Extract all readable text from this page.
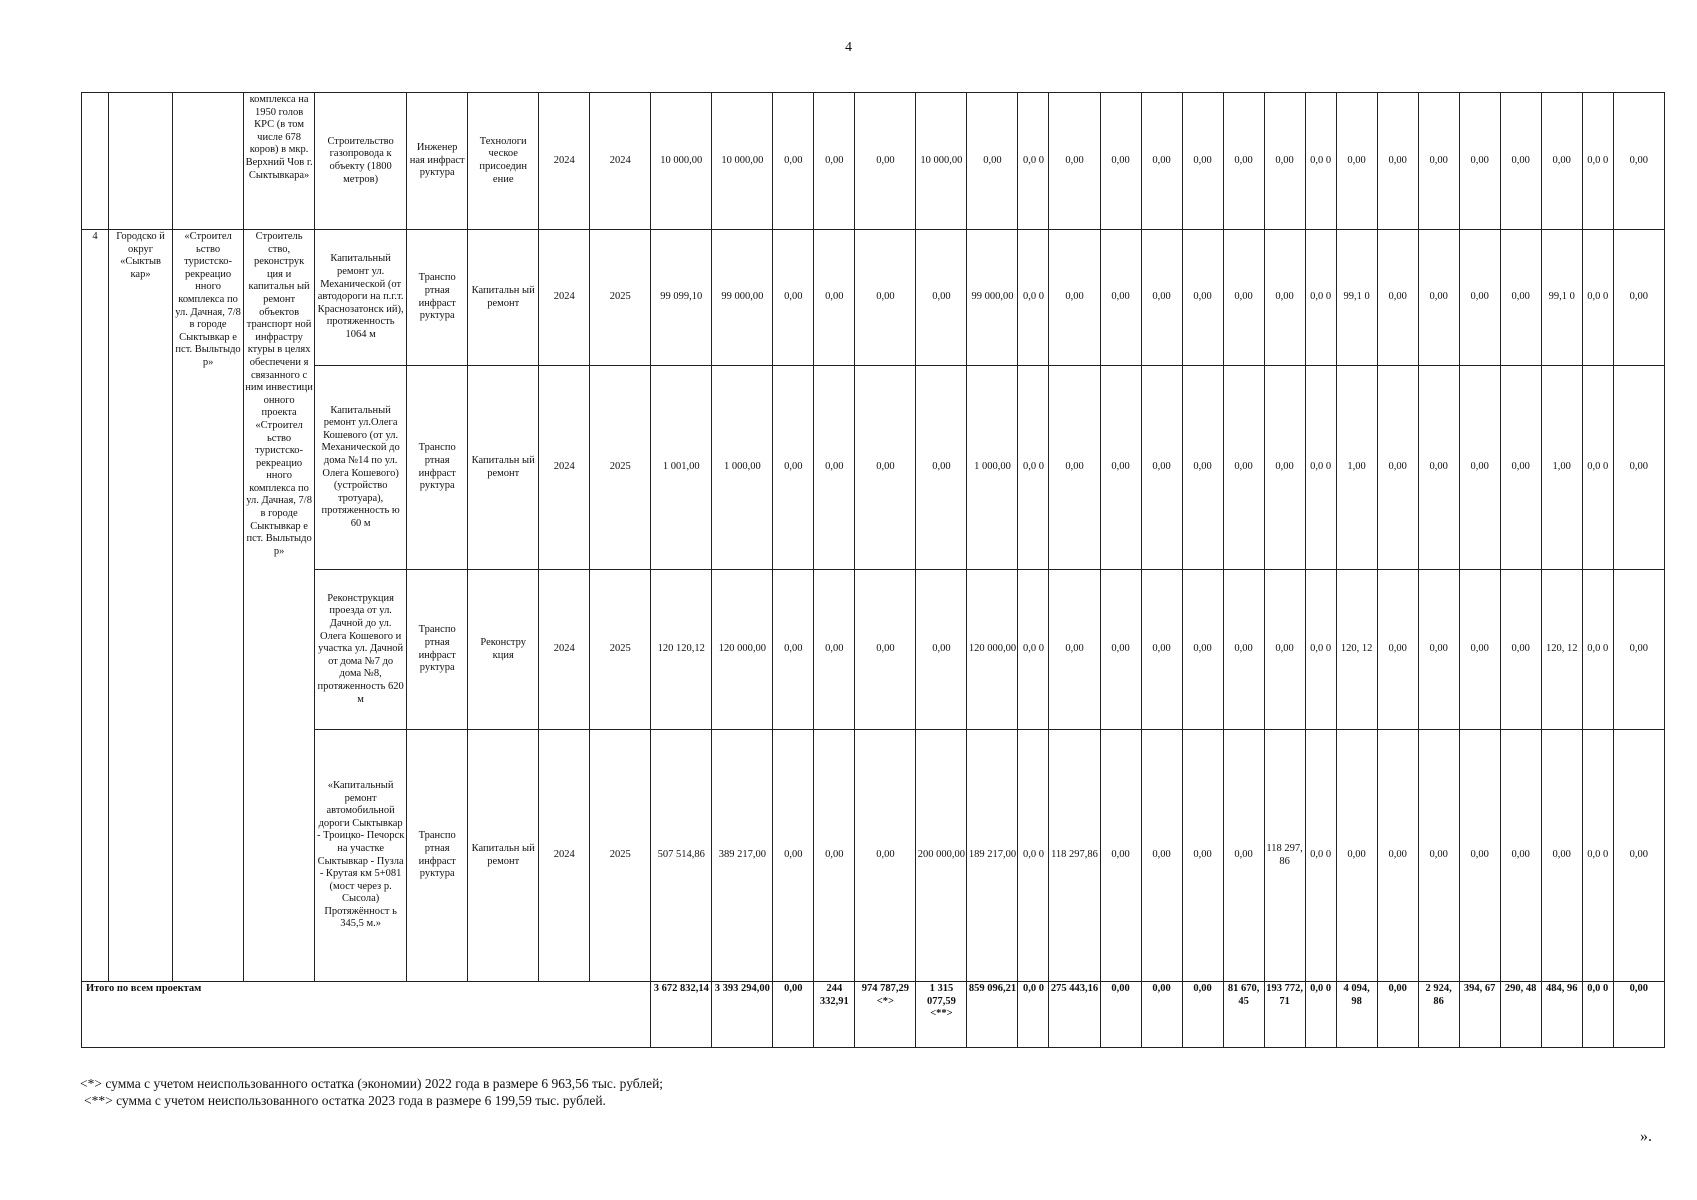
4
			комплекса на 1950 голов КРС (в том числе 678 коров) в мкр. Верхний Чов г. Сыктывкара»	Строительство газопровода к объекту (1800 метров)	Инженер ная инфраст руктура	Технологи ческое присоедин ение	2024	2024	10 000,00	10 000,00	0,00	0,00	0,00	10 000,00	0,00	0,0 0	0,00	0,00	0,00	0,00	0,00	0,00	0,0 0	0,00	0,00	0,00	0,00	0,00	0,00	0,0 0	0,00
4	Городско й округ «Сыктыв кар»	«Строител ьство туристско- рекреацио нного комплекса по ул. Дачная, 7/8 в городе Сыктывкар е пст. Выльтыдо р»	Строитель ство, реконструк ция и капитальн ый ремонт объектов транспорт ной инфрастру ктуры в целях обеспечени я связанного с ним инвестици онного проекта «Строител ьство туристско- рекреацио нного комплекса по ул. Дачная, 7/8 в городе Сыктывкар е пст. Выльтыдо р»	Капитальный ремонт ул. Механической (от автодороги на п.г.т. Краснозатонск ий), протяженность 1064 м	Транспо ртная инфраст руктура	Капитальн ый ремонт	2024	2025	99 099,10	99 000,00	0,00	0,00	0,00	0,00	99 000,00	0,0 0	0,00	0,00	0,00	0,00	0,00	0,00	0,0 0	99,1 0	0,00	0,00	0,00	0,00	99,1 0	0,0 0	0,00
				Капитальный ремонт ул.Олега Кошевого (от ул. Механической до дома №14 по ул. Олега Кошевого) (устройство тротуара), протяженность ю 60 м	Транспо ртная инфраст руктура	Капитальн ый ремонт	2024	2025	1 001,00	1 000,00	0,00	0,00	0,00	0,00	1 000,00	0,0 0	0,00	0,00	0,00	0,00	0,00	0,00	0,0 0	1,00	0,00	0,00	0,00	0,00	1,00	0,0 0	0,00
				Реконструкция проезда от ул. Дачной до ул. Олега Кошевого и участка ул. Дачной от дома №7 до дома №8, протяженность 620 м	Транспо ртная инфраст руктура	Реконстру кция	2024	2025	120 120,12	120 000,00	0,00	0,00	0,00	0,00	120 000,00	0,0 0	0,00	0,00	0,00	0,00	0,00	0,00	0,0 0	120, 12	0,00	0,00	0,00	0,00	120, 12	0,0 0	0,00
				«Капитальный ремонт автомобильной дороги Сыктывкар - Троицко- Печорск на участке Сыктывкар - Пузла - Крутая км 5+081 (мост через р. Сысола) Протяжённост ь 345,5 м.»	Транспо ртная инфраст руктура	Капитальн ый ремонт	2024	2025	507 514,86	389 217,00	0,00	0,00	0,00	200 000,00	189 217,00	0,0 0	118 297,86	0,00	0,00	0,00	0,00	118 297, 86	0,0 0	0,00	0,00	0,00	0,00	0,00	0,00	0,0 0	0,00
Итого по всем проектам									3 672 832,14	3 393 294,00	0,00	244 332,91	974 787,29 <*>	1 315 077,59 <**>	859 096,21	0,0 0	275 443,16	0,00	0,00	0,00	81 670, 45	193 772, 71	0,0 0	4 094, 98	0,00	2 924, 86	394, 67	290, 48	484, 96	0,0 0	0,00
<*> сумма с учетом неиспользованного остатка (экономии) 2022 года в размере 6 963,56 тыс. рублей;
<**> сумма с учетом неиспользованного остатка 2023 года в размере 6 199,59 тыс. рублей.
».
